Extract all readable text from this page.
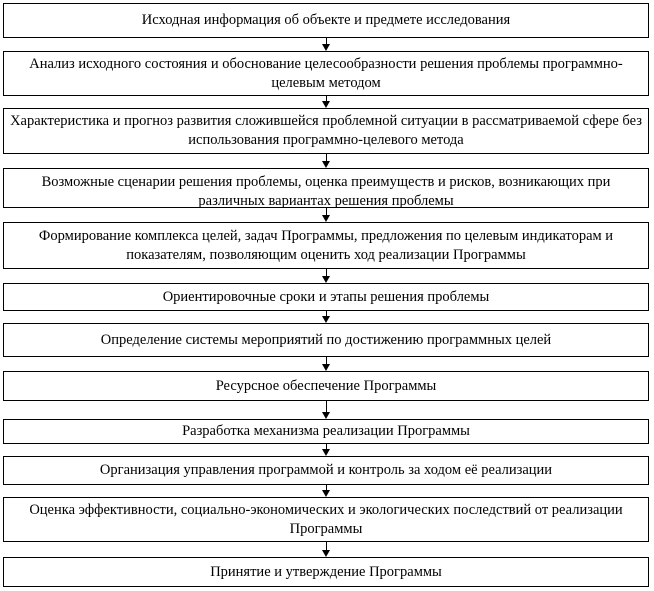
Исходная информация об объекте и предмете исследования
Анализ исходного состояния и обоснование целесообразности решения проблемы программно-целевым методом
Характеристика и прогноз развития сложившейся проблемной ситуации в рассматриваемой сфере без использования программно-целевого метода
Возможные сценарии решения проблемы, оценка преимуществ и рисков, возникающих при различных вариантах решения проблемы
Формирование комплекса целей, задач Программы, предложения по целевым индикаторам и показателям, позволяющим оценить ход реализации Программы
Ориентировочные сроки и этапы решения проблемы
Определение системы мероприятий по достижению программных целей
Ресурсное обеспечение Программы
Разработка механизма реализации Программы
Организация управления программой и контроль за ходом её реализации
Оценка эффективности, социально-экономических и экологических последствий от реализации Программы
Принятие и утверждение Программы
